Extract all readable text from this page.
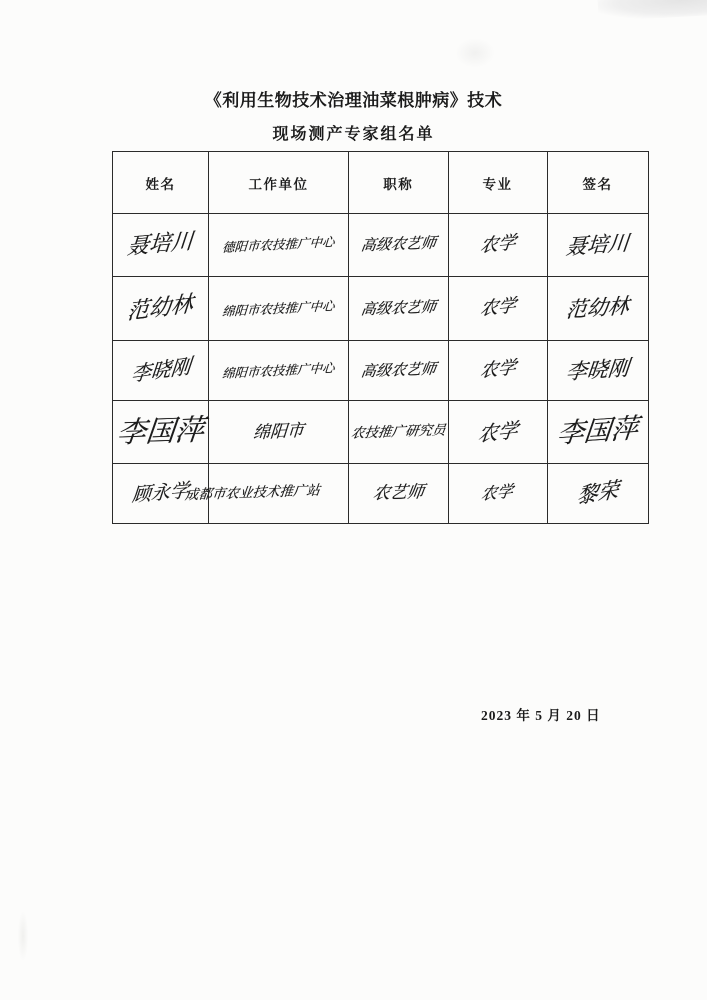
《利用生物技术治理油菜根肿病》技术
现场测产专家组名单
姓名	工作单位	职称	专业	签名
聂培川	德阳市农技推广中心	高级农艺师	农学	聂培川
范幼林	绵阳市农技推广中心	高级农艺师	农学	范幼林
李晓刚	绵阳市农技推广中心	高级农艺师	农学	李晓刚
李国萍	绵阳市	农技推广研究员	农学	李国萍
顾永学	成都市农业技术推广站	农艺师	农学	黎荣
2023 年 5 月 20 日
